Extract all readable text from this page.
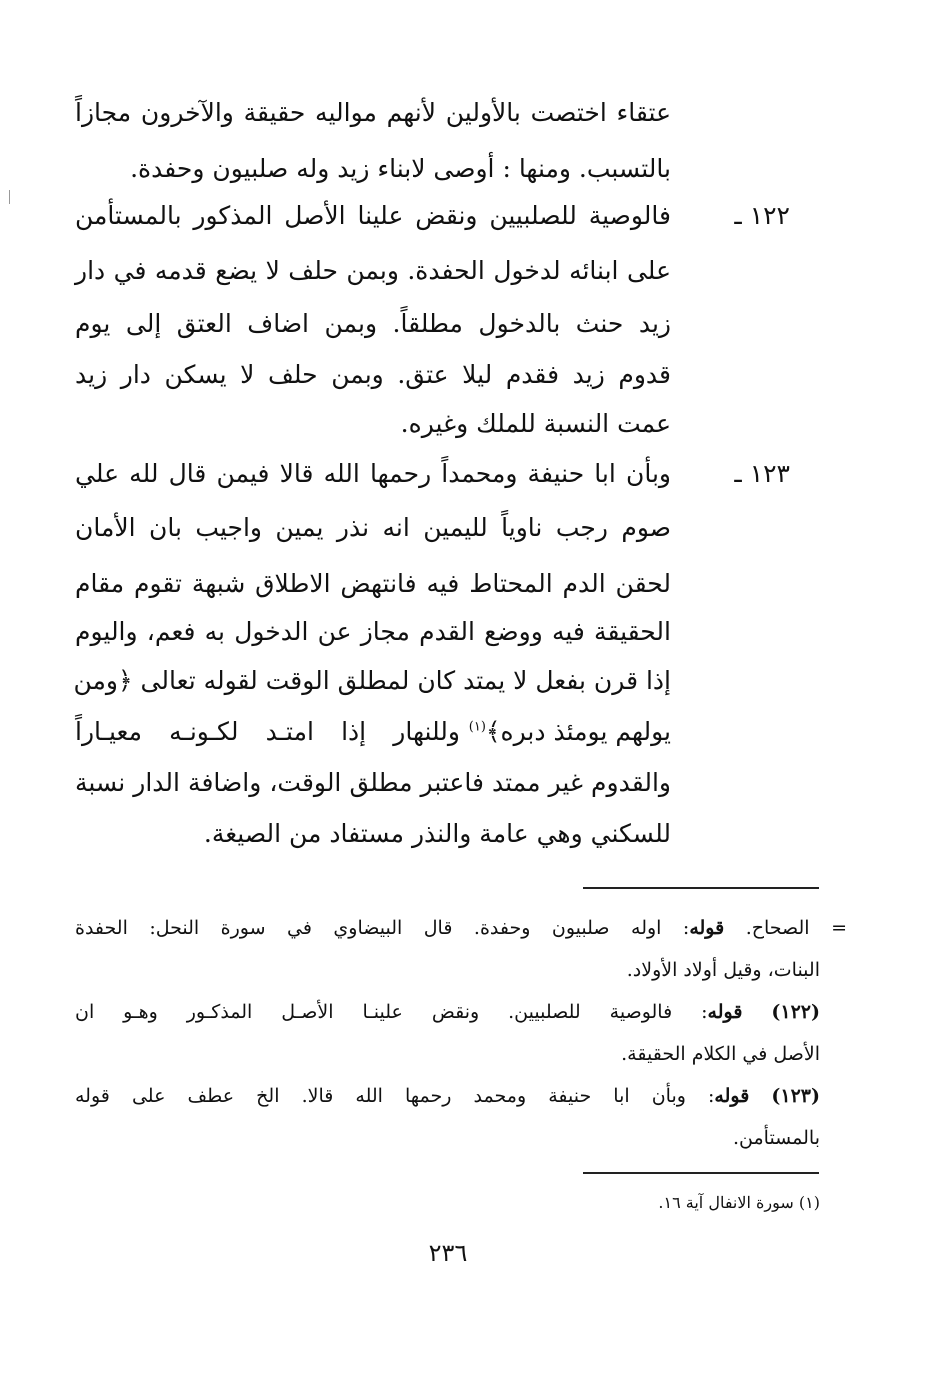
عتقاء اختصت بالأولين لأنهم مواليه حقيقة والآخرون مجازاً

بالتسبب. ومنها : أوصى لابناء زيد وله صلبيون وحفدة.

١٢٢ ـ

فالوصية للصلبيين ونقض علينا الأصل المذكور بالمستأمن

على ابنائه لدخول الحفدة. وبمن حلف لا يضع قدمه في دار

زيد حنث بالدخول مطلقاً. وبمن اضاف العتق إلى يوم

قدوم زيد فقدم ليلا عتق. وبمن حلف لا يسكن دار زيد

عمت النسبة للملك وغيره.

١٢٣ ـ

وبأن ابا حنيفة ومحمداً رحمها الله قالا فيمن قال لله علي

صوم رجب ناوياً لليمين انه نذر يمين واجيب بان الأمان

لحقن الدم المحتاط فيه فانتهض الاطلاق شبهة تقوم مقام

الحقيقة فيه ووضع القدم مجاز عن الدخول به فعم، واليوم

إذا قرن بفعل لا يمتد كان لمطلق الوقت لقوله تعالى ﴿ومن

يولهم يومئذ دبره﴾$^{(١)}$

وللنهار إذا امتـد لكـونـه معيـاراً

والقدوم غير ممتد فاعتبر مطلق الوقت، واضافة الدار نسبة

للسكني وهي عامة والنذر مستفاد من الصيغة.

= الصحاح. قوله: اوله صلبيون وحفدة. قال البيضاوي في سورة النحل: الحفدة

البنات، وقيل أولاد الأولاد.

(١٢٢) قوله: فالوصية للصلبيين. ونقض علينـا الأصـل المذكـور وهـو ان

الأصل في الكلام الحقيقة.

(١٢٣) قوله: وبأن ابا حنيفة ومحمد رحمها الله قالا. الخ عطف على قوله

بالمستأمن.

(١) سورة الانفال آية ١٦.

٢٣٦
